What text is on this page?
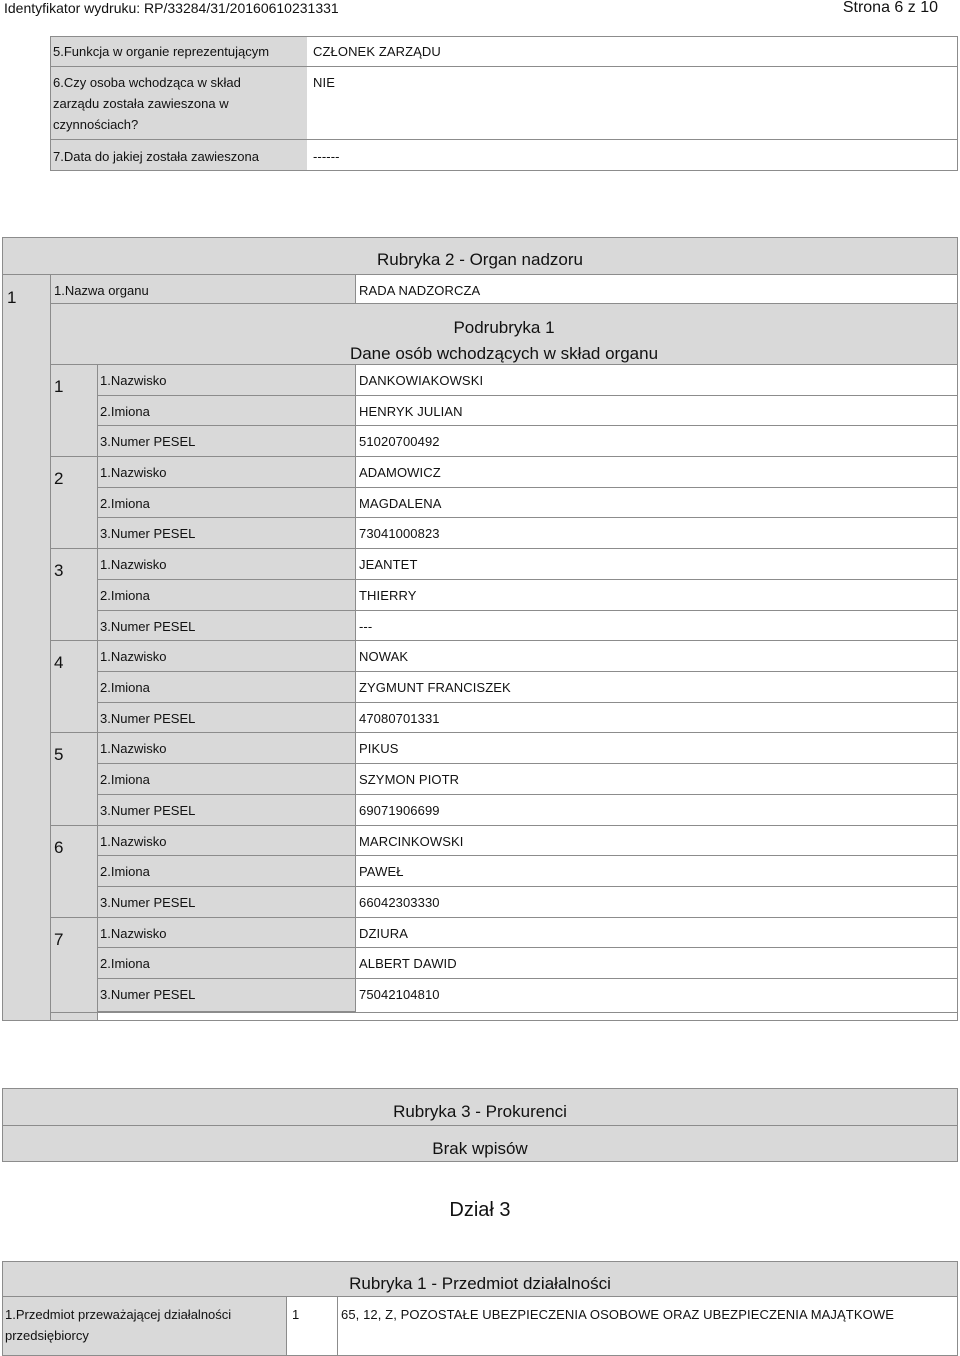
Identyfikator wydruku: RP/33284/31/20160610231331	Strona 6 z 10
5.Funkcja w organie reprezentującym	CZŁONEK ZARZĄDU
6.Czy osoba wchodząca w skład
zarządu została zawieszona w
czynnościach?
NIE
7.Data do jakiej została zawieszona	------
Rubryka 2 - Organ nadzoru
1	1.Nazwa organu	RADA NADZORCZA
Podrubryka 1
Dane osób wchodzących w skład organu
1	1.Nazwisko	DANKOWIAKOWSKI
2.Imiona	HENRYK JULIAN
3.Numer PESEL	51020700492
2	1.Nazwisko	ADAMOWICZ
2.Imiona	MAGDALENA
3.Numer PESEL	73041000823
3	1.Nazwisko	JEANTET
2.Imiona	THIERRY
3.Numer PESEL	---
4	1.Nazwisko	NOWAK
2.Imiona	ZYGMUNT FRANCISZEK
3.Numer PESEL	47080701331
5	1.Nazwisko	PIKUS
2.Imiona	SZYMON PIOTR
3.Numer PESEL	69071906699
6	1.Nazwisko	MARCINKOWSKI
2.Imiona	PAWEŁ
3.Numer PESEL	66042303330
7	1.Nazwisko	DZIURA
2.Imiona	ALBERT DAWID
3.Numer PESEL	75042104810
Rubryka 3 - Prokurenci
Brak wpisów
Dział 3
Rubryka 1 - Przedmiot działalności
1.Przedmiot przeważającej działalności
przedsiębiorcy
1	65, 12, Z, POZOSTAŁE UBEZPIECZENIA OSOBOWE ORAZ UBEZPIECZENIA MAJĄTKOWE
